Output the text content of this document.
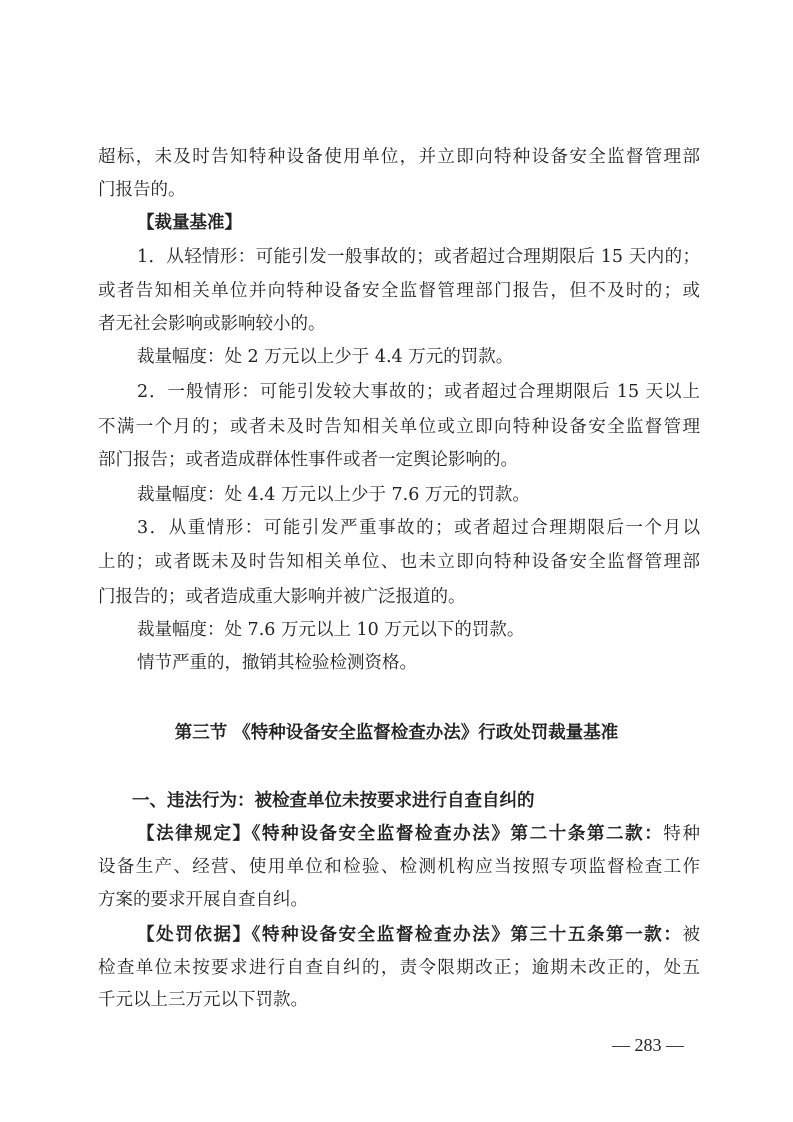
超标，未及时告知特种设备使用单位，并立即向特种设备安全监督管理部
门报告的。
【裁量基准】
1．从轻情形：可能引发一般事故的；或者超过合理期限后 15 天内的；
或者告知相关单位并向特种设备安全监督管理部门报告，但不及时的；或
者无社会影响或影响较小的。
裁量幅度：处 2 万元以上少于 4.4 万元的罚款。
2．一般情形：可能引发较大事故的；或者超过合理期限后 15 天以上
不满一个月的；或者未及时告知相关单位或立即向特种设备安全监督管理
部门报告；或者造成群体性事件或者一定舆论影响的。
裁量幅度：处 4.4 万元以上少于 7.6 万元的罚款。
3．从重情形：可能引发严重事故的；或者超过合理期限后一个月以
上的；或者既未及时告知相关单位、也未立即向特种设备安全监督管理部
门报告的；或者造成重大影响并被广泛报道的。
裁量幅度：处 7.6 万元以上 10 万元以下的罚款。
情节严重的，撤销其检验检测资格。
第三节 《特种设备安全监督检查办法》行政处罚裁量基准
一、违法行为：被检查单位未按要求进行自查自纠的
【法律规定】《特种设备安全监督检查办法》第二十条第二款：特种
设备生产、经营、使用单位和检验、检测机构应当按照专项监督检查工作
方案的要求开展自查自纠。
【处罚依据】《特种设备安全监督检查办法》第三十五条第一款：被
检查单位未按要求进行自查自纠的，责令限期改正；逾期未改正的，处五
千元以上三万元以下罚款。
— 283 —
